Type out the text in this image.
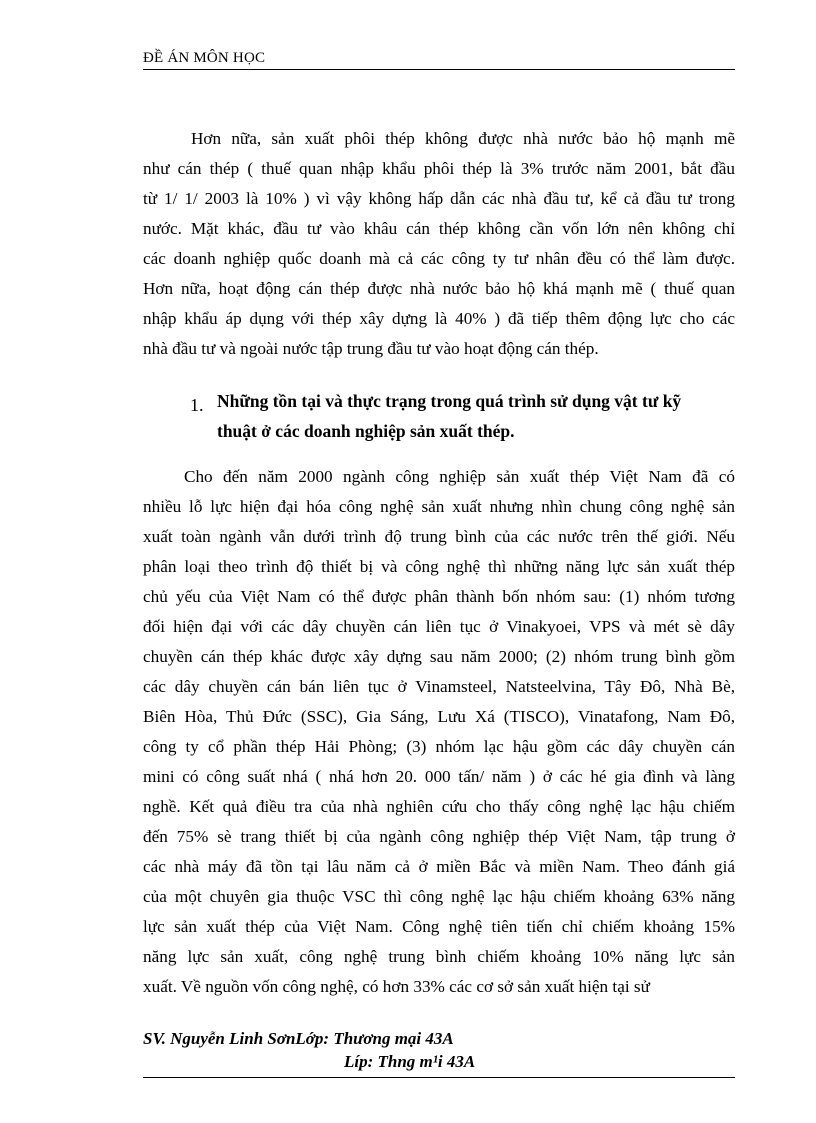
ĐỀ ÁN MÔN HỌC
Hơn nữa, sản xuất phôi thép không được nhà nước bảo hộ mạnh mẽ
như cán thép ( thuế quan nhập khẩu phôi thép là 3% trước năm 2001, bắt đầu
từ 1/ 1/ 2003 là 10% ) vì vậy không hấp dẫn các nhà đầu tư, kể cả đầu tư trong
nước. Mặt khác, đầu tư vào khâu cán thép không cần vốn lớn nên không chỉ
các doanh nghiệp quốc doanh mà cả các công ty tư nhân đều có thể làm được.
Hơn nữa, hoạt động cán thép được nhà nước bảo hộ khá mạnh mẽ ( thuế quan
nhập khẩu áp dụng với thép xây dựng là 40% ) đã tiếp thêm động lực cho các
nhà đầu tư và ngoài nước tập trung đầu tư vào hoạt động cán thép.
1. Những tồn tại và thực trạng trong quá trình sử dụng vật tư kỹ
thuật ở các doanh nghiệp sản xuất thép.
Cho đến năm 2000 ngành công nghiệp sản xuất thép Việt Nam đã có
nhiều lỗ lực hiện đại hóa công nghệ sản xuất nhưng nhìn chung công nghệ sản
xuất toàn ngành vẫn dưới trình độ trung bình của các nước trên thế giới. Nếu
phân loại theo trình độ thiết bị và công nghệ thì những năng lực sản xuất thép
chủ yếu của Việt Nam có thể được phân thành bốn nhóm sau: (1) nhóm tương
đối hiện đại với các dây chuyền cán liên tục ở Vinakyoei, VPS và mét sè dây
chuyền cán thép khác được xây dựng sau năm 2000; (2) nhóm trung bình gồm
các dây chuyền cán bán liên tục ở Vinamsteel, Natsteelvina, Tây Đô, Nhà Bè,
Biên Hòa, Thủ Đức (SSC), Gia Sáng, Lưu Xá (TISCO), Vinatafong, Nam Đô,
công ty cổ phần thép Hải Phòng; (3) nhóm lạc hậu gồm các dây chuyền cán
mini có công suất nhá ( nhá hơn 20. 000 tấn/ năm ) ở các hé gia đình và làng
nghề. Kết quả điều tra của nhà nghiên cứu cho thấy công nghệ lạc hậu chiếm
đến 75% sè trang thiết bị của ngành công nghiệp thép Việt Nam, tập trung ở
các nhà máy đã tồn tại lâu năm cả ở miền Bắc và miền Nam. Theo đánh giá
của một chuyên gia thuộc VSC thì công nghệ lạc hậu chiếm khoảng 63% năng
lực sản xuất thép của Việt Nam. Công nghệ tiên tiến chỉ chiếm khoảng 15%
năng lực sản xuất, công nghệ trung bình chiếm khoảng 10% năng lực sản
xuất. Về nguồn vốn công nghệ, có hơn 33% các cơ sở sản xuất hiện tại sử
SV. Nguyễn Linh SơnLớp: Thương mại 43A
Líp: Thng m¹i 43A
